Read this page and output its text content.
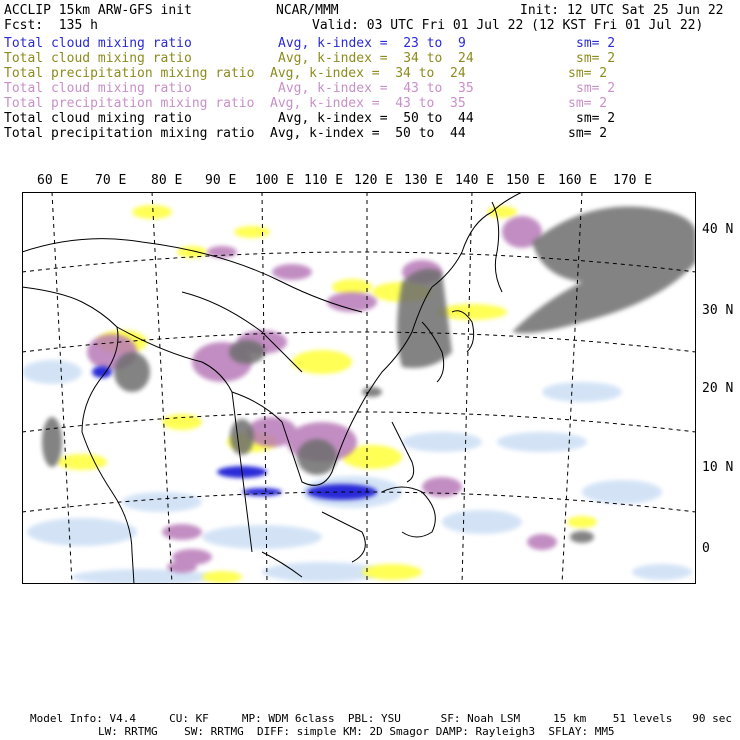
ACCLIP 15km ARW-GFS init	NCAR/MMM	Init: 12 UTC Sat 25 Jun 22
Fcst:  135 h	Valid: 03 UTC Fri 01 Jul 22 (12 KST Fri 01 Jul 22)
Total cloud mixing ratio	Avg, k-index =  23 to  9	sm= 2
Total cloud mixing ratio	Avg, k-index =  34 to  24	sm= 2
Total precipitation mixing ratio Avg, k-index =  34 to  24	sm= 2
Total cloud mixing ratio	Avg, k-index =  43 to  35	sm= 2
Total precipitation mixing ratio Avg, k-index =  43 to  35	sm= 2
Total cloud mixing ratio	Avg, k-index =  50 to  44	sm= 2
Total precipitation mixing ratio Avg, k-index =  50 to  44	sm= 2
60 E 70 E 80 E 90 E 100 E 110 E 120 E 130 E 140 E 150 E 160 E 170 E
40 N
30 N
20 N
10 N
0
Model Info: V4.4     CU: KF     MP: WDM 6class  PBL: YSU      SF: Noah LSM     15 km    51 levels   90 sec
LW: RRTMG    SW: RRTMG  DIFF: simple KM: 2D Smagor DAMP: Rayleigh3  SFLAY: MM5
